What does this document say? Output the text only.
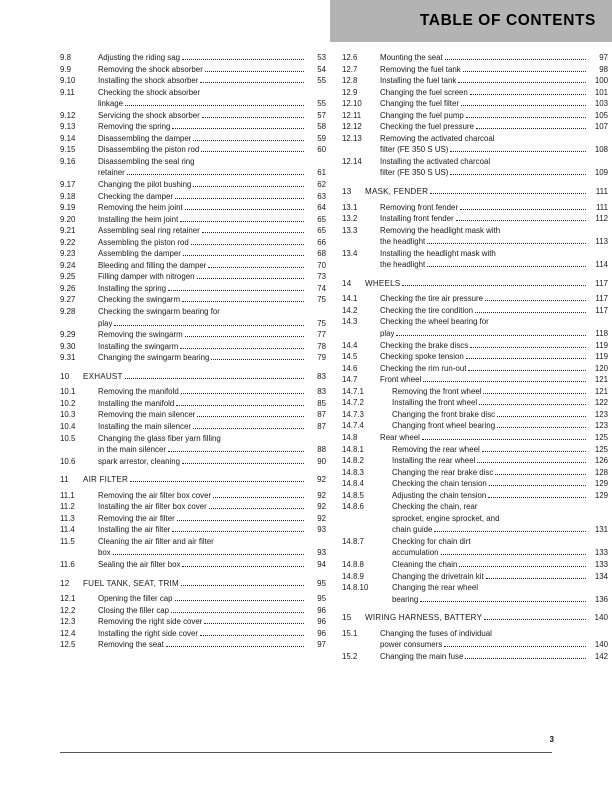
TABLE OF CONTENTS
9.8	Adjusting the riding sag	53
9.9	Removing the shock absorber	54
9.10	Installing the shock absorber	55
9.11	Checking the shock absorber
linkage	55
9.12	Servicing the shock absorber	57
9.13	Removing the spring	58
9.14	Disassembling the damper	59
9.15	Disassembling the piston rod	60
9.16	Disassembling the seal ring
retainer	61
9.17	Changing the pilot bushing	62
9.18	Checking the damper	63
9.19	Removing the heim joint	64
9.20	Installing the heim joint	65
9.21	Assembling seal ring retainer	65
9.22	Assembling the piston rod	66
9.23	Assembling the damper	68
9.24	Bleeding and filling the damper	70
9.25	Filling damper with nitrogen	73
9.26	Installing the spring	74
9.27	Checking the swingarm	75
9.28	Checking the swingarm bearing for
play	75
9.29	Removing the swingarm	77
9.30	Installing the swingarm	78
9.31	Changing the swingarm bearing	79
10	EXHAUST	83
10.1	Removing the manifold	83
10.2	Installing the manifold	85
10.3	Removing the main silencer	87
10.4	Installing the main silencer	87
10.5	Changing the glass fiber yarn filling
in the main silencer	88
10.6	spark arrestor, cleaning	90
11	AIR FILTER	92
11.1	Removing the air filter box cover	92
11.2	Installing the air filter box cover	92
11.3	Removing the air filter	92
11.4	Installing the air filter	93
11.5	Cleaning the air filter and air filter
box	93
11.6	Sealing the air filter box	94
12	FUEL TANK, SEAT, TRIM	95
12.1	Opening the filler cap	95
12.2	Closing the filler cap	96
12.3	Removing the right side cover	96
12.4	Installing the right side cover	96
12.5	Removing the seat	97
12.6	Mounting the seat	97
12.7	Removing the fuel tank	98
12.8	Installing the fuel tank	100
12.9	Changing the fuel screen	101
12.10	Changing the fuel filter	103
12.11	Changing the fuel pump	105
12.12	Checking the fuel pressure	107
12.13	Removing the activated charcoal
filter (FE 350 S US)	108
12.14	Installing the activated charcoal
filter (FE 350 S US)	109
13	MASK, FENDER	111
13.1	Removing front fender	111
13.2	Installing front fender	112
13.3	Removing the headlight mask with
the headlight	113
13.4	Installing the headlight mask with
the headlight	114
14	WHEELS	117
14.1	Checking the tire air pressure	117
14.2	Checking the tire condition	117
14.3	Checking the wheel bearing for
play	118
14.4	Checking the brake discs	119
14.5	Checking spoke tension	119
14.6	Checking the rim run-out	120
14.7	Front wheel	121
14.7.1	Removing the front wheel	121
14.7.2	Installing the front wheel	122
14.7.3	Changing the front brake disc	123
14.7.4	Changing front wheel bearing	123
14.8	Rear wheel	125
14.8.1	Removing the rear wheel	125
14.8.2	Installing the rear wheel	126
14.8.3	Changing the rear brake disc	128
14.8.4	Checking the chain tension	129
14.8.5	Adjusting the chain tension	129
14.8.6	Checking the chain, rear
sprocket, engine sprocket, and
chain guide	131
14.8.7	Checking for chain dirt
accumulation	133
14.8.8	Cleaning the chain	133
14.8.9	Changing the drivetrain kit	134
14.8.10	Changing the rear wheel
bearing	136
15	WIRING HARNESS, BATTERY	140
15.1	Changing the fuses of individual
power consumers	140
15.2	Changing the main fuse	142
3
